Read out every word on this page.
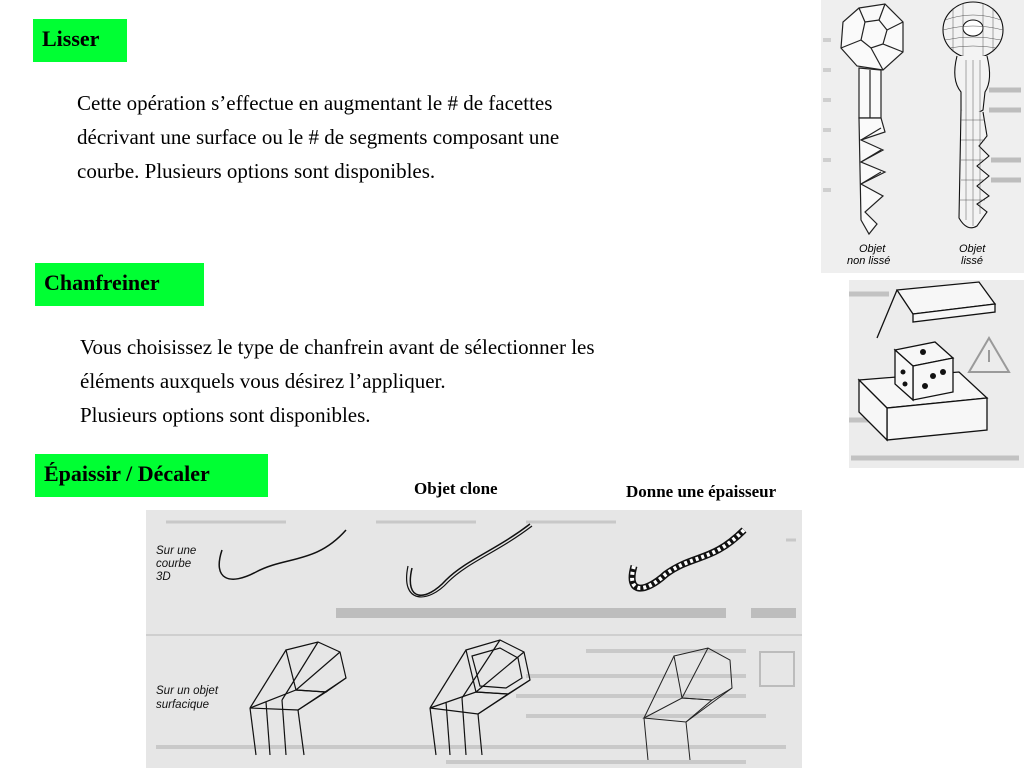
Lisser
Cette opération s’effectue en augmentant le # de facettes
décrivant une surface ou le # de segments composant une
courbe. Plusieurs options sont disponibles.
Chanfreiner
Vous choisissez le type de chanfrein avant de sélectionner les
éléments auxquels vous désirez l’appliquer.
Plusieurs options sont disponibles.
Épaissir / Décaler
Objet clone	Donne une épaisseur
Objet
non lissé
Objet
lissé
Sur une
courbe
3D
Sur un objet
surfacique
